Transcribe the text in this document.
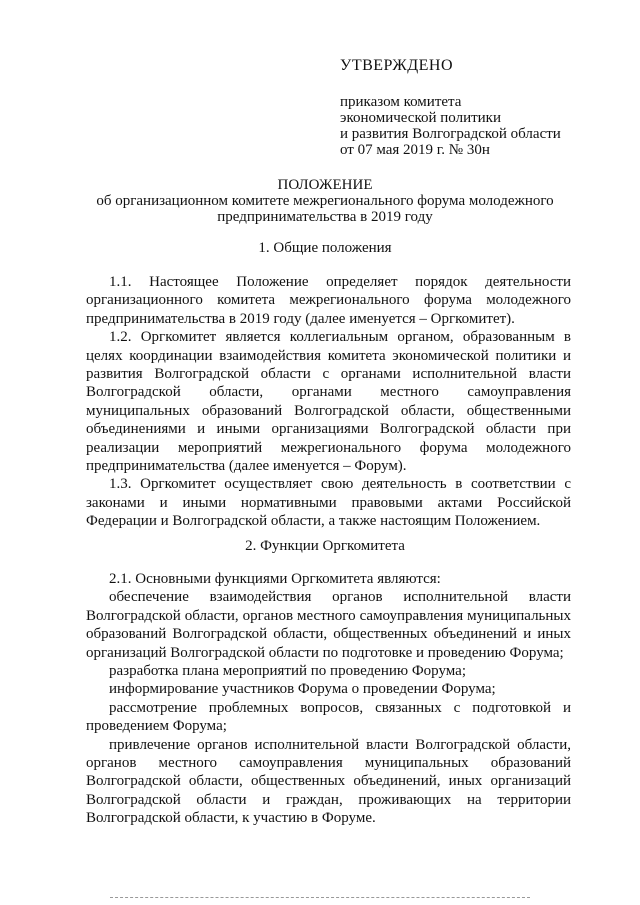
УТВЕРЖДЕНО
приказом комитета
экономической политики
и развития Волгоградской области
от 07 мая 2019 г. № 30н
ПОЛОЖЕНИЕ
об организационном комитете межрегионального форума молодежного
предпринимательства в 2019 году
1. Общие положения

1.1. Настоящее Положение определяет порядок деятельности организационного комитета межрегионального форума молодежного предпринимательства в 2019 году (далее именуется – Оргкомитет).

1.2. Оргкомитет является коллегиальным органом, образованным в целях координации взаимодействия комитета экономической политики и развития Волгоградской области с органами исполнительной власти Волгоградской области, органами местного самоуправления муниципальных образований Волгоградской области, общественными объединениями и иными организациями Волгоградской области при реализации мероприятий межрегионального форума молодежного предпринимательства (далее именуется – Форум).

1.3. Оргкомитет осуществляет свою деятельность в соответствии с законами и иными нормативными правовыми актами Российской Федерации и Волгоградской области, а также настоящим Положением.

2. Функции Оргкомитета

2.1. Основными функциями Оргкомитета являются:

обеспечение взаимодействия органов исполнительной власти Волгоградской области, органов местного самоуправления муниципальных образований Волгоградской области, общественных объединений и иных организаций Волгоградской области по подготовке и проведению Форума;

разработка плана мероприятий по проведению Форума;

информирование участников Форума о проведении Форума;

рассмотрение проблемных вопросов, связанных с подготовкой и проведением Форума;

привлечение органов исполнительной власти Волгоградской области, органов местного самоуправления муниципальных образований Волгоградской области, общественных объединений, иных организаций Волгоградской области и граждан, проживающих на территории Волгоградской области, к участию в Форуме.
